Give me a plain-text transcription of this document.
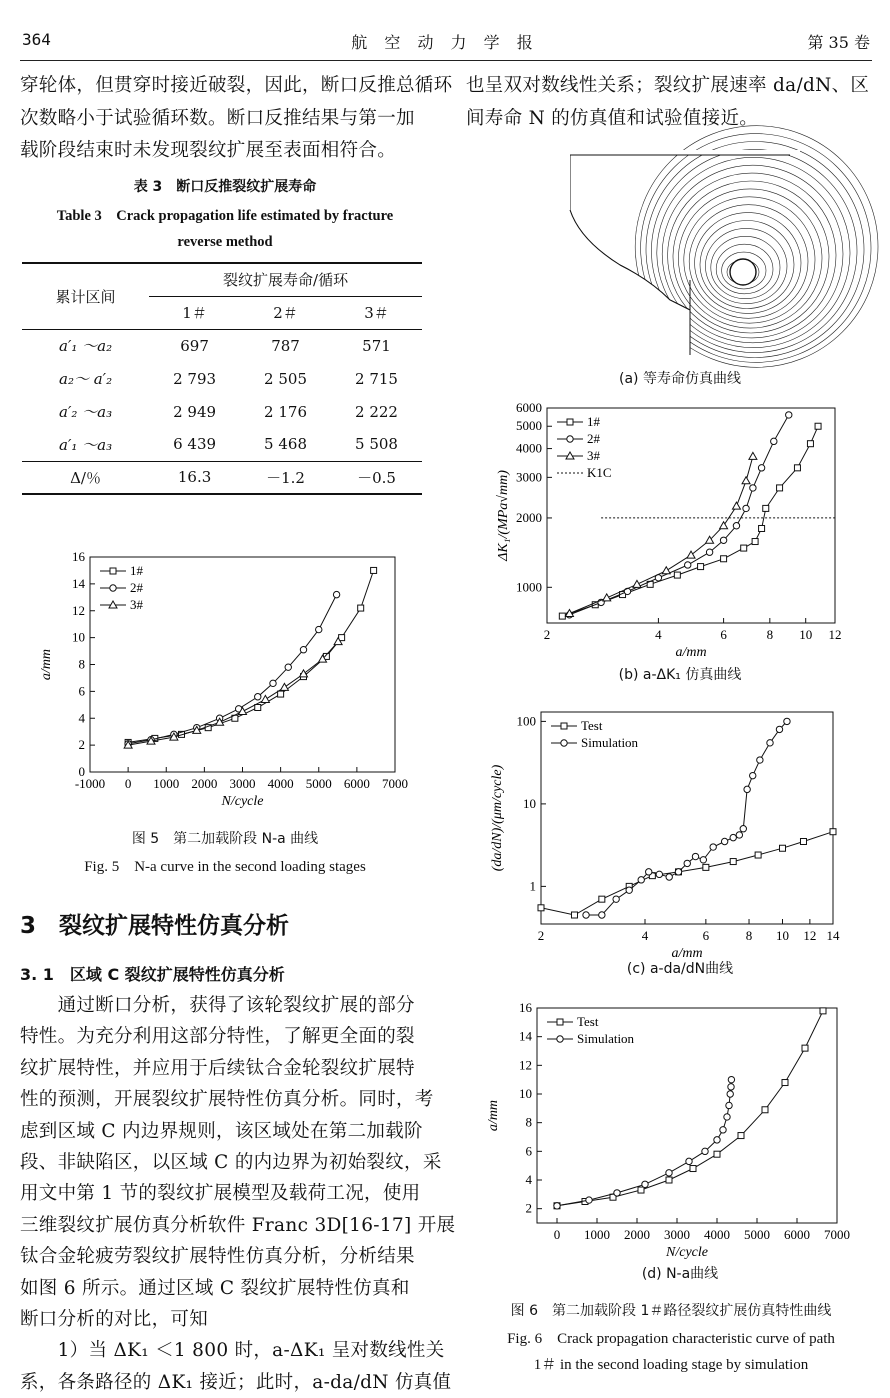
364	航 空 动 力 学 报	第 35 卷
穿轮体，但贯穿时接近破裂，因此，断口反推总循环
次数略小于试验循环数。断口反推结果与第一加
载阶段结束时未发现裂纹扩展至表面相符合。
表 3　断口反推裂纹扩展寿命
Table 3　Crack propagation life estimated by fracture
reverse method
累计区间	裂纹扩展寿命/循环		
	1＃	2＃	3＃
a′₁ ～a₂	697	787	571
a₂～ a′₂	2 793	2 505	2 715
a′₂ ～a₃	2 949	2 176	2 222
a′₁ ～a₃	6 439	5 468	5 508
Δ/％	16.3	－1.2	－0.5
-1000 0 1000 2000 3000 4000 5000 6000 7000
0
2
4
6
8
10
12
14
16
N/cycle
a/mm
1#
2#
3#
图 5　第二加载阶段 N-a 曲线
Fig. 5　N-a curve in the second loading stages
3　裂纹扩展特性仿真分析
3. 1　区域 C 裂纹扩展特性仿真分析
　　通过断口分析，获得了该轮裂纹扩展的部分
特性。为充分利用这部分特性，了解更全面的裂
纹扩展特性，并应用于后续钛合金轮裂纹扩展特
性的预测，开展裂纹扩展特性仿真分析。同时，考
虑到区域 C 内边界规则，该区域处在第二加载阶
段、非缺陷区，以区域 C 的内边界为初始裂纹，采
用文中第 1 节的裂纹扩展模型及载荷工况，使用
三维裂纹扩展仿真分析软件 Franc 3D[16-17] 开展
钛合金轮疲劳裂纹扩展特性仿真分析，分析结果
如图 6 所示。通过区域 C 裂纹扩展特性仿真和
断口分析的对比，可知
　　1）当 ΔK₁ ＜1 800 时，a-ΔK₁ 呈对数线性关
系，各条路径的 ΔK₁ 接近；此时，a-da/dN 仿真值
也呈双对数线性关系；裂纹扩展速率 da/dN、区
间寿命 N 的仿真值和试验值接近。
(a) 等寿命仿真曲线
2	4	6	8 10 12
1000
2000
3000
4000
5000
6000
a/mm
ΔK₁/(MPa√mm)
1#
2#
3#
K1C
(b) a-ΔK₁ 仿真曲线
2	4	6	8 10 12 14
1
10
100
a/mm
(da/dN)/(μm/cycle)
Test
Simulation
(c) a-da/dN曲线
0 1000 2000 3000 4000 5000 6000 7000
2
4
6
8
10
12
14
16
N/cycle
a/mm
Test
Simulation
(d) N-a曲线
图 6　第二加载阶段 1＃路径裂纹扩展仿真特性曲线
Fig. 6　Crack propagation characteristic curve of path
1＃ in the second loading stage by simulation
